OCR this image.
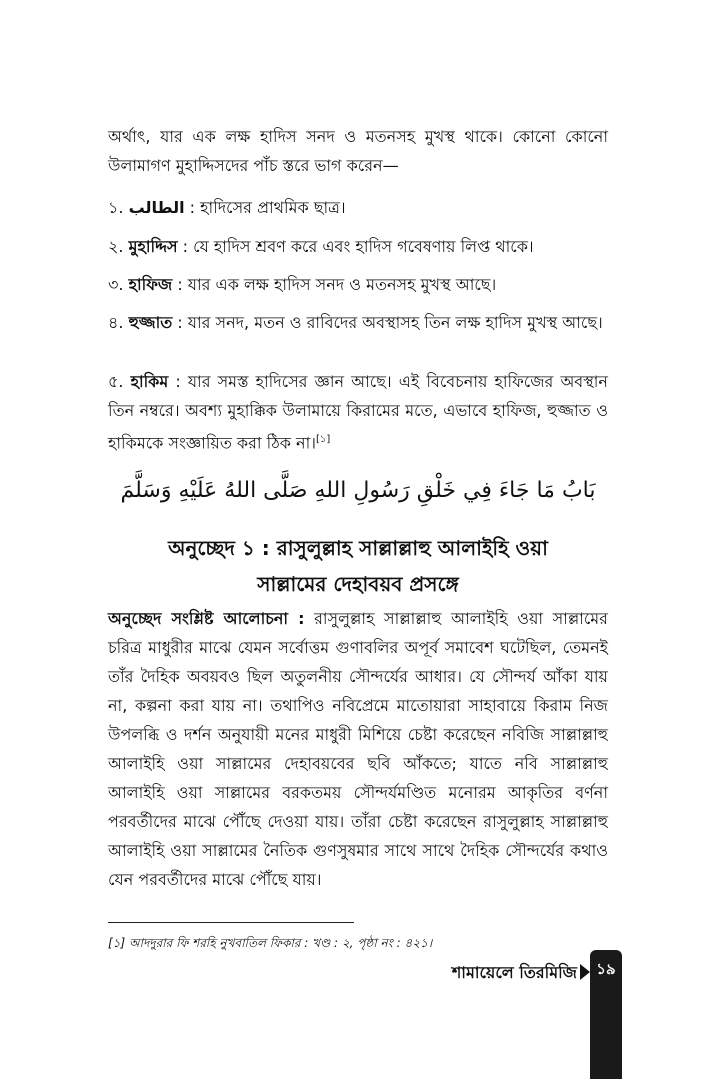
অর্থাৎ, যার এক লক্ষ হাদিস সনদ ও মতনসহ মুখস্থ থাকে। কোনো কোনো উলামাগণ মুহাদ্দিসদের পাঁচ স্তরে ভাগ করেন—
১. الطالب : হাদিসের প্রাথমিক ছাত্র।
২. মুহাদ্দিস : যে হাদিস শ্রবণ করে এবং হাদিস গবেষণায় লিপ্ত থাকে।
৩. হাফিজ : যার এক লক্ষ হাদিস সনদ ও মতনসহ মুখস্থ আছে।
৪. হুজ্জাত : যার সনদ, মতন ও রাবিদের অবস্থাসহ তিন লক্ষ হাদিস মুখস্থ আছে।
৫. হাকিম : যার সমস্ত হাদিসের জ্ঞান আছে। এই বিবেচনায় হাফিজের অবস্থান তিন নম্বরে। অবশ্য মুহাক্কিক উলামায়ে কিরামের মতে, এভাবে হাফিজ, হুজ্জাত ও হাকিমকে সংজ্ঞায়িত করা ঠিক না।[১]
بَابُ مَا جَاءَ فِي خَلْقِ رَسُولِ اللهِ صَلَّى اللهُ عَلَيْهِ وَسَلَّمَ
অনুচ্ছেদ ১ : রাসুলুল্লাহ সাল্লাল্লাহু আলাইহি ওয়া
সাল্লামের দেহাবয়ব প্রসঙ্গে
অনুচ্ছেদ সংশ্লিষ্ট আলোচনা : রাসুলুল্লাহ সাল্লাল্লাহু আলাইহি ওয়া সাল্লামের চরিত্র মাধুরীর মাঝে যেমন সর্বোত্তম গুণাবলির অপূর্ব সমাবেশ ঘটেছিল, তেমনই তাঁর দৈহিক অবয়বও ছিল অতুলনীয় সৌন্দর্যের আধার। যে সৌন্দর্য আঁকা যায় না, কল্পনা করা যায় না। তথাপিও নবিপ্রেমে মাতোয়ারা সাহাবায়ে কিরাম নিজ উপলব্ধি ও দর্শন অনুযায়ী মনের মাধুরী মিশিয়ে চেষ্টা করেছেন নবিজি সাল্লাল্লাহু আলাইহি ওয়া সাল্লামের দেহাবয়বের ছবি আঁকতে; যাতে নবি সাল্লাল্লাহু আলাইহি ওয়া সাল্লামের বরকতময় সৌন্দর্যমণ্ডিত মনোরম আকৃতির বর্ণনা পরবর্তীদের মাঝে পৌঁছে দেওয়া যায়। তাঁরা চেষ্টা করেছেন রাসুলুল্লাহ সাল্লাল্লাহু আলাইহি ওয়া সাল্লামের নৈতিক গুণসুষমার সাথে সাথে দৈহিক সৌন্দর্যের কথাও যেন পরবর্তীদের মাঝে পৌঁছে যায়।
[১] আদদুরার ফি শরহি নুখবাতিল ফিকার : খণ্ড : ২, পৃষ্ঠা নং : ৪২১।
শামায়েলে তিরমিজি	১৯
